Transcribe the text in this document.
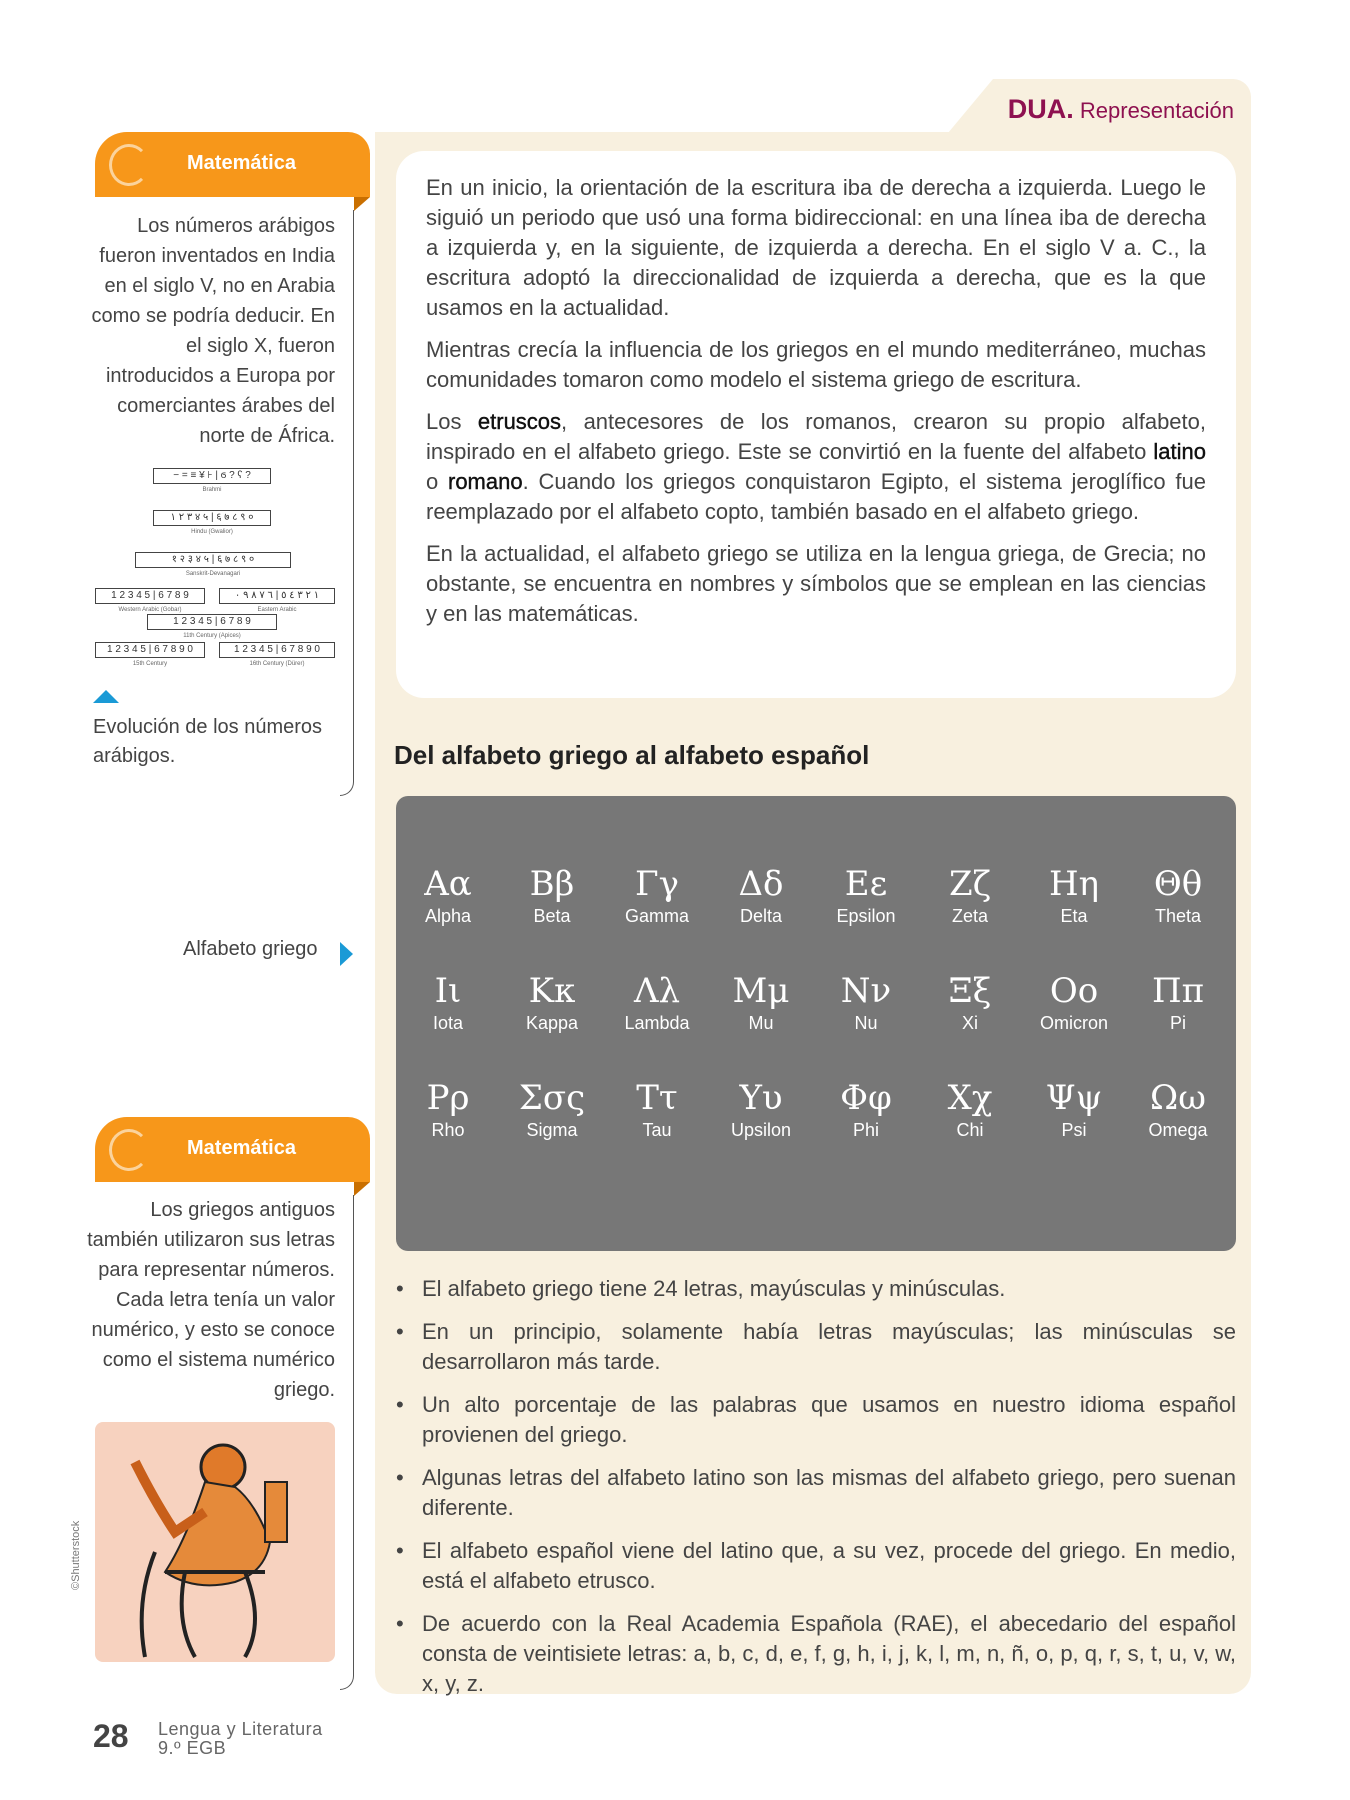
DUA. Representación

En un inicio, la orientación de la escritura iba de derecha a izquierda. Luego le siguió un periodo que usó una forma bidireccional: en una línea iba de derecha a izquierda y, en la siguiente, de izquierda a derecha. En el siglo V a. C., la escritura adoptó la direccionalidad de izquierda a derecha, que es la que usamos en la actualidad.

Mientras crecía la influencia de los griegos en el mundo mediterráneo, muchas comunidades tomaron como modelo el sistema griego de escritura.

Los etruscos, antecesores de los romanos, crearon su propio alfabeto, inspirado en el alfabeto griego. Este se convirtió en la fuente del alfabeto latino o romano. Cuando los griegos conquistaron Egipto, el sistema jeroglífico fue reemplazado por el alfabeto copto, también basado en el alfabeto griego.

En la actualidad, el alfabeto griego se utiliza en la lengua griega, de Grecia; no obstante, se encuentra en nombres y símbolos que se emplean en las ciencias y en las matemáticas.

Del alfabeto griego al alfabeto español
Αα
Alpha
Ββ
Beta
Γγ
Gamma
Δδ
Delta
Εε
Epsilon
Ζζ
Zeta
Ηη
Eta
Θθ
Theta
Ιι
Iota
Κκ
Kappa
Λλ
Lambda
Μμ
Mu
Νν
Nu
Ξξ
Xi
Οο
Omicron
Ππ
Pi
Ρρ
Rho
Σσς
Sigma
Ττ
Tau
Υυ
Upsilon
Φφ
Phi
Χχ
Chi
Ψψ
Psi
Ωω
Omega
• El alfabeto griego tiene 24 letras, mayúsculas y minúsculas.
• En un principio, solamente había letras mayúsculas; las minúsculas se desarrollaron más tarde.
• Un alto porcentaje de las palabras que usamos en nuestro idioma español provienen del griego.
• Algunas letras del alfabeto latino son las mismas del alfabeto griego, pero suenan diferente.
• El alfabeto español viene del latino que, a su vez, procede del griego. En medio, está el alfabeto etrusco.
• De acuerdo con la Real Academia Española (RAE), el abecedario del español consta de veintisiete letras: a, b, c, d, e, f, g, h, i, j, k, l, m, n, ñ, o, p, q, r, s, t, u, v, w, x, y, z.
Matemática
Los números arábigos fueron inventados en India en el siglo V, no en Arabia como se podría deducir. En el siglo X, fueron introducidos a Europa por comerciantes árabes del norte de África.
− = ≡ ¥ ⊦ | ϭ ? ʕ ?
Brahmi
۱ ۲ ۳ ४ ५ | ६ ७ ८ ९ ०
Hindu (Gwalior)
१ २ ३ ४ ५ | ६ ७ ८ ९ ०
Sanskrit-Devanagari
1 2 3 4 5 | 6 7 8 9
Western Arabic (Gobar)
١ ٢ ٣ ٤ ٥ | ٦ ٧ ٨ ٩ ٠
Eastern Arabic
1 2 3 4 5 | 6 7 8 9
11th Century (Apices)
1 2 3 4 5 | 6 7 8 9 0
15th Century
1 2 3 4 5 | 6 7 8 9 0
16th Century (Dürer)
Evolución de los números arábigos.
Alfabeto griego
Matemática
Los griegos antiguos también utilizaron sus letras para representar números. Cada letra tenía un valor numérico, y esto se conoce como el sistema numérico griego.
©Shutterstock
28 Lengua y Literatura
9.º EGB
